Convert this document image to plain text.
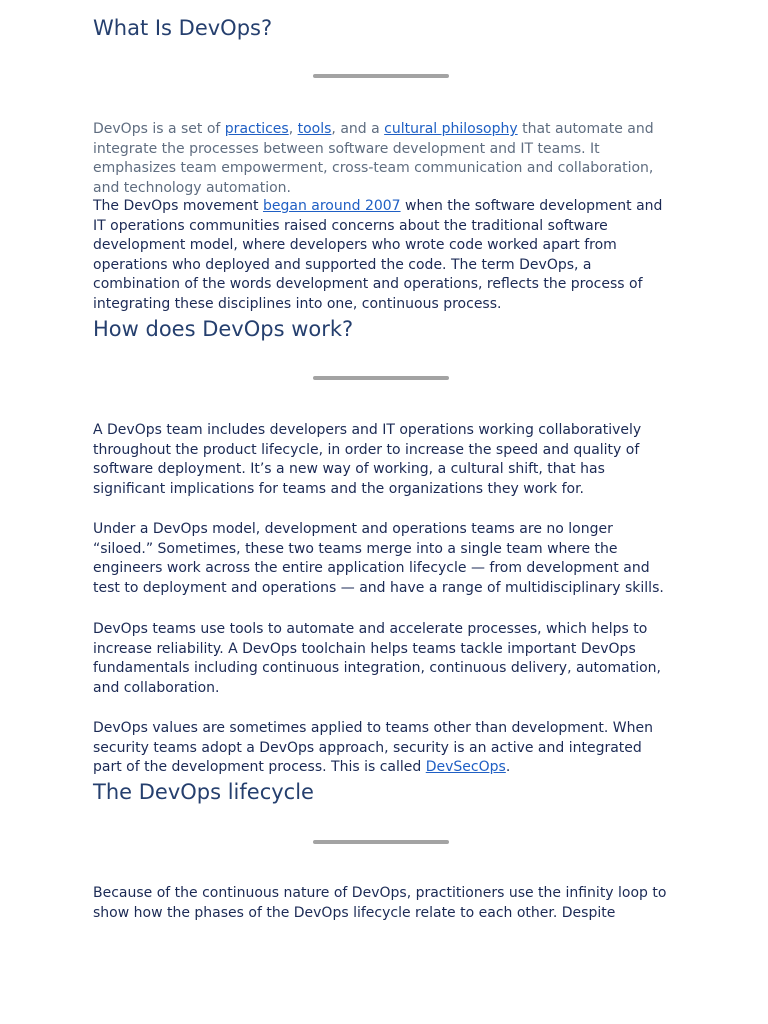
What Is DevOps?

DevOps is a set of practices, tools, and a cultural philosophy that automate and integrate the processes between software development and IT teams. It emphasizes team empowerment, cross-team communication and collaboration, and technology automation.

The DevOps movement began around 2007 when the software development and IT operations communities raised concerns about the traditional software development model, where developers who wrote code worked apart from operations who deployed and supported the code. The term DevOps, a combination of the words development and operations, reflects the process of integrating these disciplines into one, continuous process.

How does DevOps work?

A DevOps team includes developers and IT operations working collaboratively throughout the product lifecycle, in order to increase the speed and quality of software deployment. It’s a new way of working, a cultural shift, that has significant implications for teams and the organizations they work for.

Under a DevOps model, development and operations teams are no longer “siloed.” Sometimes, these two teams merge into a single team where the engineers work across the entire application lifecycle — from development and test to deployment and operations — and have a range of multidisciplinary skills.

DevOps teams use tools to automate and accelerate processes, which helps to increase reliability. A DevOps toolchain helps teams tackle important DevOps fundamentals including continuous integration, continuous delivery, automation, and collaboration.

DevOps values are sometimes applied to teams other than development. When security teams adopt a DevOps approach, security is an active and integrated part of the development process. This is called DevSecOps.

The DevOps lifecycle

Because of the continuous nature of DevOps, practitioners use the infinity loop to show how the phases of the DevOps lifecycle relate to each other. Despite
